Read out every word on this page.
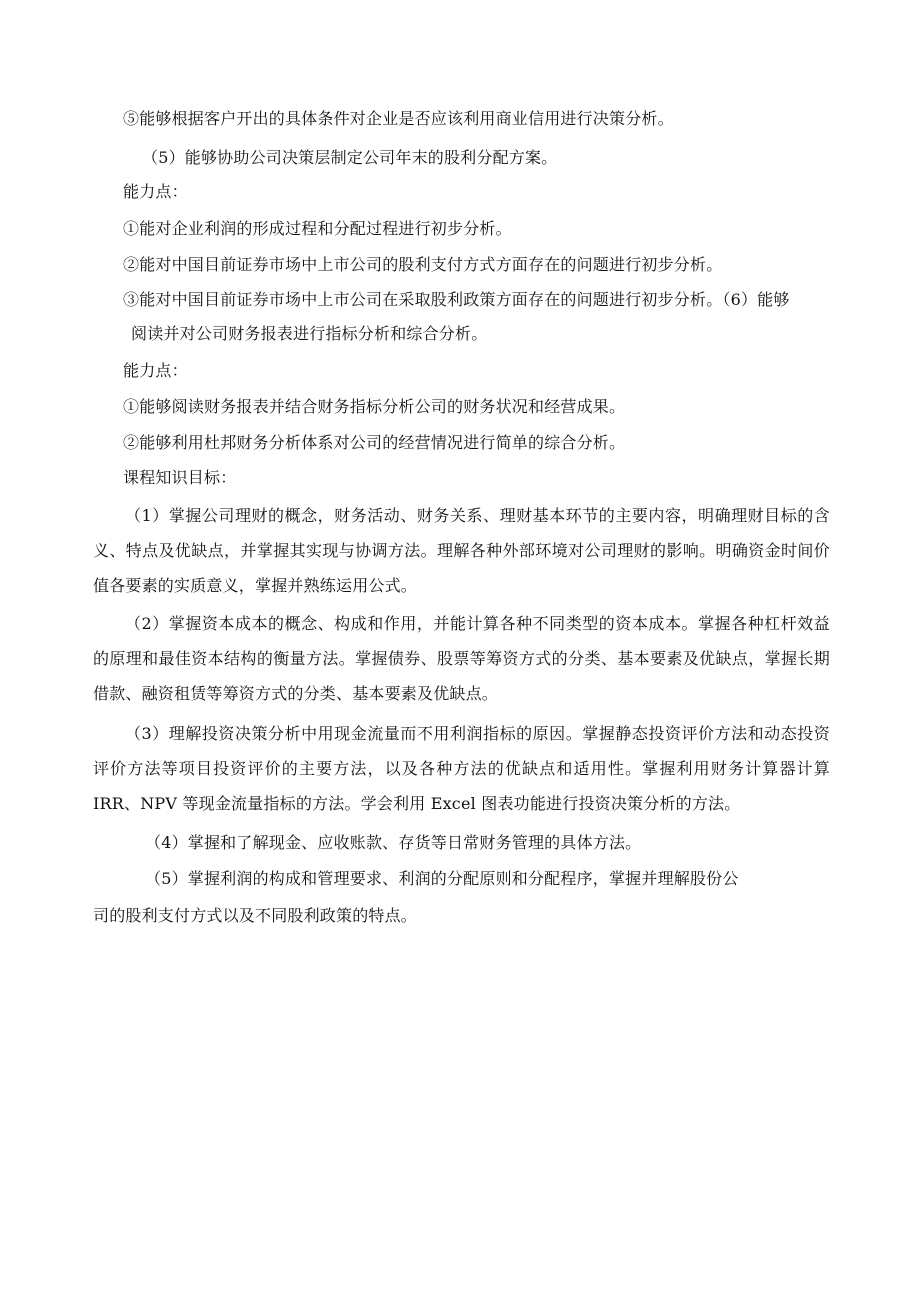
⑤能够根据客户开出的具体条件对企业是否应该利用商业信用进行决策分析。
（5）能够协助公司决策层制定公司年末的股利分配方案。
能力点：
①能对企业利润的形成过程和分配过程进行初步分析。
②能对中国目前证券市场中上市公司的股利支付方式方面存在的问题进行初步分析。
③能对中国目前证券市场中上市公司在采取股利政策方面存在的问题进行初步分析。（6）能够
阅读并对公司财务报表进行指标分析和综合分析。
能力点：
①能够阅读财务报表并结合财务指标分析公司的财务状况和经营成果。
②能够利用杜邦财务分析体系对公司的经营情况进行简单的综合分析。
课程知识目标：
（1）掌握公司理财的概念，财务活动、财务关系、理财基本环节的主要内容，明确理财目标的含义、特点及优缺点，并掌握其实现与协调方法。理解各种外部环境对公司理财的影响。明确资金时间价值各要素的实质意义，掌握并熟练运用公式。
（2）掌握资本成本的概念、构成和作用，并能计算各种不同类型的资本成本。掌握各种杠杆效益的原理和最佳资本结构的衡量方法。掌握债券、股票等筹资方式的分类、基本要素及优缺点，掌握长期借款、融资租赁等筹资方式的分类、基本要素及优缺点。
（3）理解投资决策分析中用现金流量而不用利润指标的原因。掌握静态投资评价方法和动态投资评价方法等项目投资评价的主要方法，以及各种方法的优缺点和适用性。掌握利用财务计算器计算 IRR、NPV 等现金流量指标的方法。学会利用 Excel 图表功能进行投资决策分析的方法。
（4）掌握和了解现金、应收账款、存货等日常财务管理的具体方法。
（5）掌握利润的构成和管理要求、利润的分配原则和分配程序，掌握并理解股份公
司的股利支付方式以及不同股利政策的特点。
